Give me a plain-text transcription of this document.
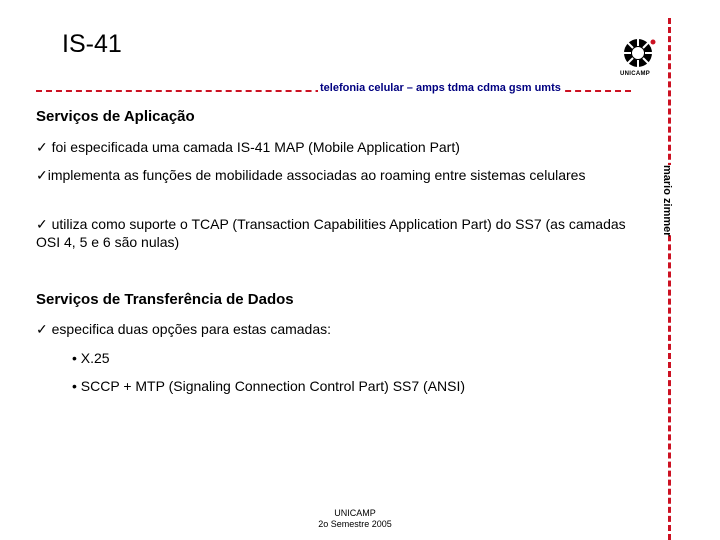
IS-41
UNICAMP
telefonia celular – amps tdma cdma gsm umts
mario zimmer
Serviços de Aplicação
✓ foi especificada uma camada IS-41 MAP (Mobile Application Part)
✓implementa as funções de mobilidade associadas ao roaming entre sistemas celulares
✓ utiliza como suporte o TCAP (Transaction Capabilities Application Part) do SS7 (as camadas OSI 4, 5 e 6 são nulas)
Serviços de Transferência de Dados
✓ especifica duas opções para estas camadas:
• X.25
• SCCP + MTP (Signaling Connection Control Part) SS7 (ANSI)
UNICAMP
2o Semestre 2005
